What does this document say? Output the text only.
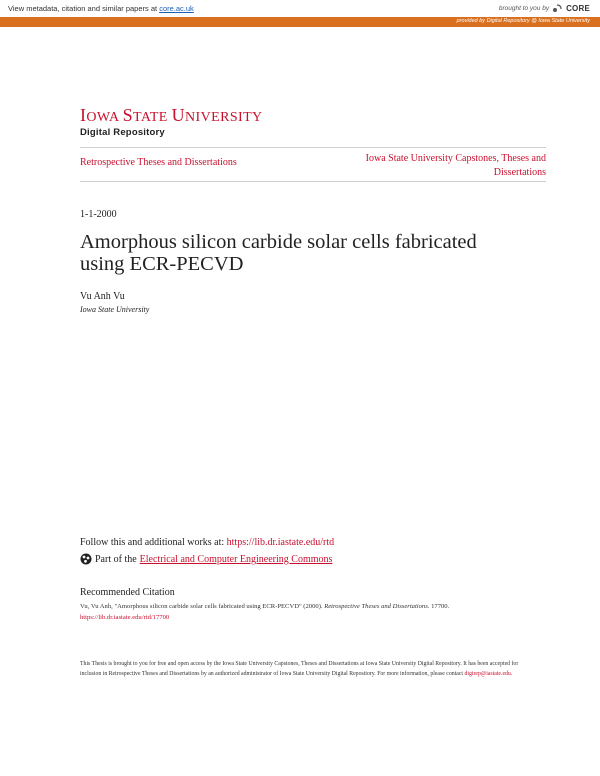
View metadata, citation and similar papers at core.ac.uk	brought to you by CORE
provided by Digital Repository @ Iowa State University
IOWA STATE UNIVERSITY
Digital Repository
Retrospective Theses and Dissertations	Iowa State University Capstones, Theses and Dissertations
1-1-2000
Amorphous silicon carbide solar cells fabricated using ECR-PECVD
Vu Anh Vu
Iowa State University
Follow this and additional works at: https://lib.dr.iastate.edu/rtd
Part of the Electrical and Computer Engineering Commons
Recommended Citation
Vu, Vu Anh, "Amorphous silicon carbide solar cells fabricated using ECR-PECVD" (2000). Retrospective Theses and Dissertations. 17700.
https://lib.dr.iastate.edu/rtd/17700
This Thesis is brought to you for free and open access by the Iowa State University Capstones, Theses and Dissertations at Iowa State University Digital Repository. It has been accepted for inclusion in Retrospective Theses and Dissertations by an authorized administrator of Iowa State University Digital Repository. For more information, please contact digirep@iastate.edu.
